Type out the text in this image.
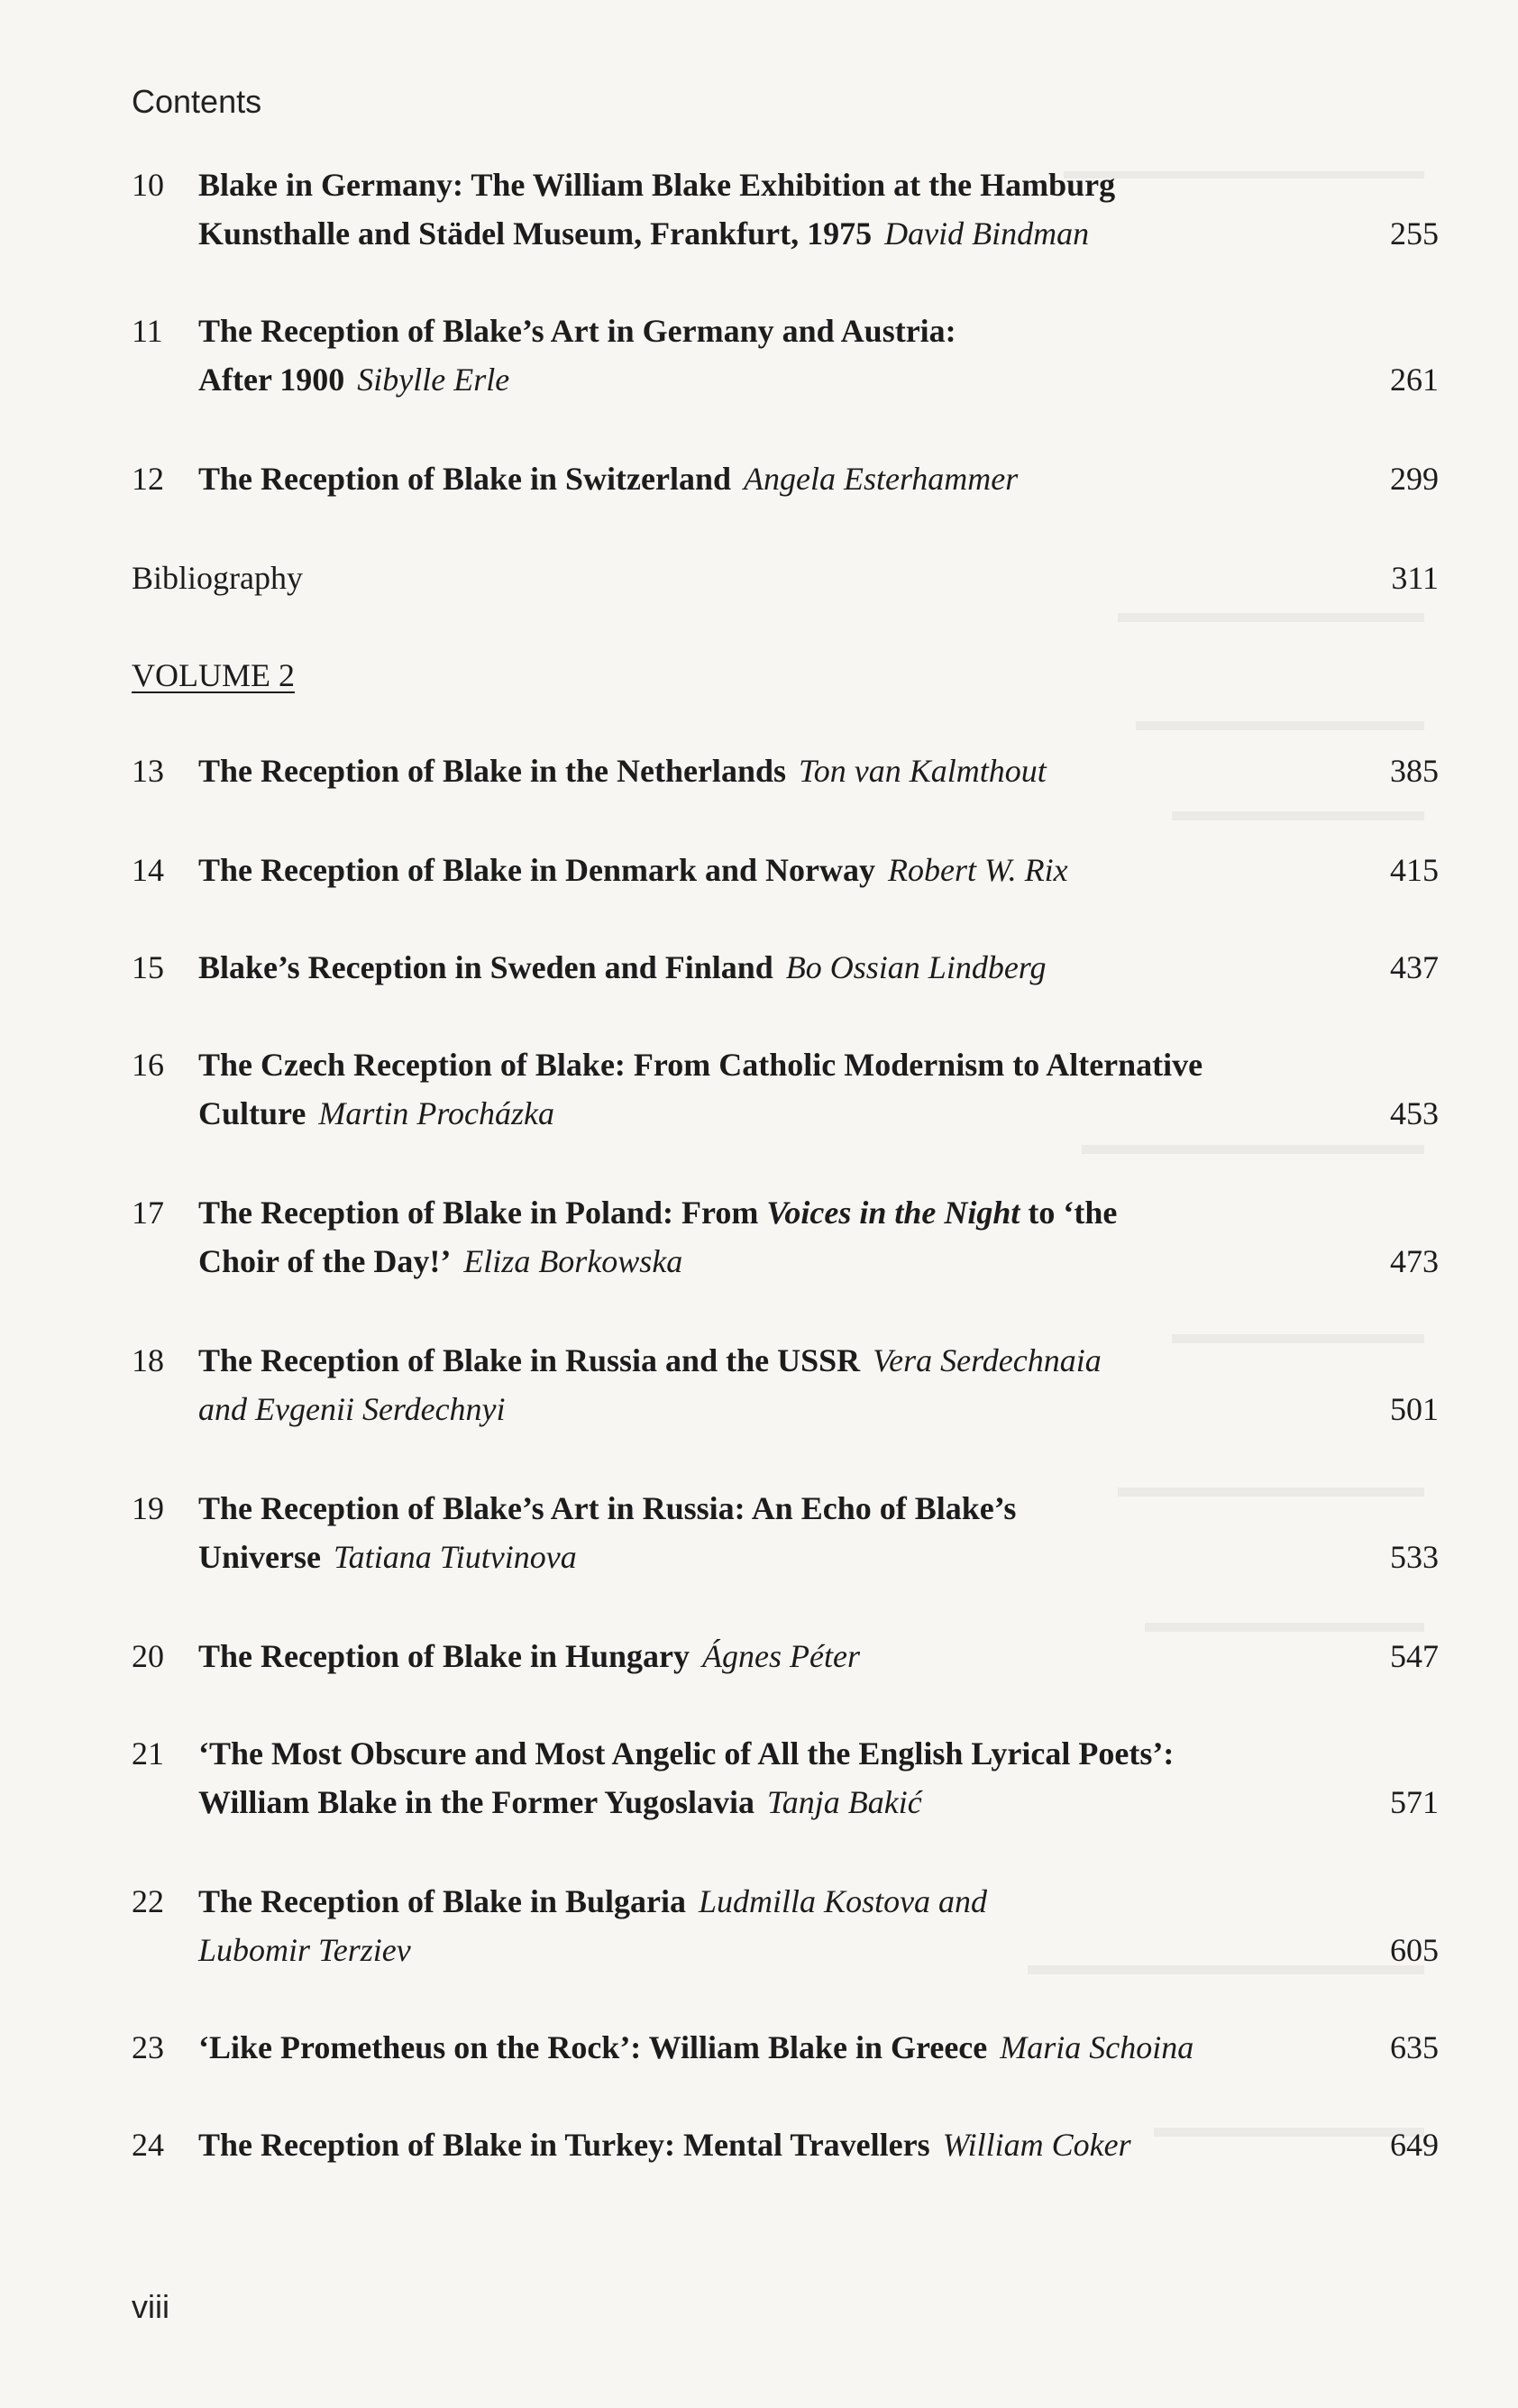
Contents
10	Blake in Germany: The William Blake Exhibition at the Hamburg
Kunsthalle and Städel Museum, Frankfurt, 1975 David Bindman	255
11	The Reception of Blake’s Art in Germany and Austria:
After 1900 Sibylle Erle	261
12	The Reception of Blake in Switzerland Angela Esterhammer	299
Bibliography	311
VOLUME 2
13	The Reception of Blake in the Netherlands Ton van Kalmthout	385
14	The Reception of Blake in Denmark and Norway Robert W. Rix	415
15	Blake’s Reception in Sweden and Finland Bo Ossian Lindberg	437
16	The Czech Reception of Blake: From Catholic Modernism to Alternative
Culture Martin Procházka	453
17	The Reception of Blake in Poland: From Voices in the Night to ‘the
Choir of the Day!’ Eliza Borkowska	473
18	The Reception of Blake in Russia and the USSR Vera Serdechnaia
and Evgenii Serdechnyi	501
19	The Reception of Blake’s Art in Russia: An Echo of Blake’s
Universe Tatiana Tiutvinova	533
20	The Reception of Blake in Hungary Ágnes Péter	547
21	‘The Most Obscure and Most Angelic of All the English Lyrical Poets’:
William Blake in the Former Yugoslavia Tanja Bakić	571
22	The Reception of Blake in Bulgaria Ludmilla Kostova and
Lubomir Terziev	605
23	‘Like Prometheus on the Rock’: William Blake in Greece Maria Schoina	635
24	The Reception of Blake in Turkey: Mental Travellers William Coker	649
viii
